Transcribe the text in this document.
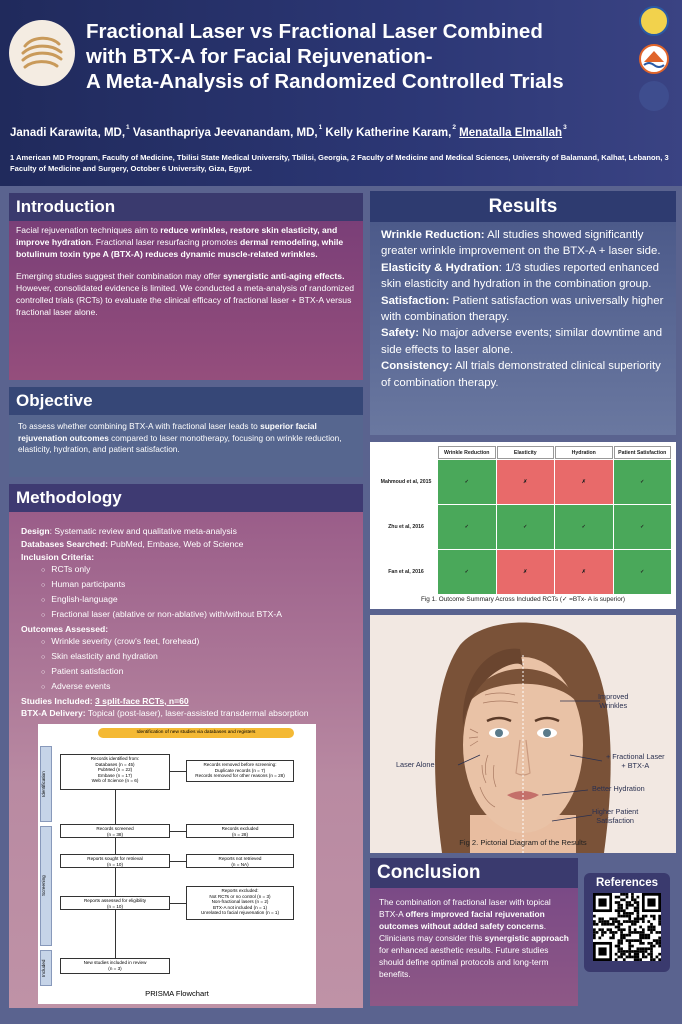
Fractional Laser vs Fractional Laser Combined
with BTX-A for Facial Rejuvenation-
A Meta-Analysis of Randomized Controlled Trials
Janadi Karawita, MD,$^1$ Vasanthapriya Jeevanandam, MD,$^1$ Kelly Katherine Karam,$^2$ Menatalla Elmallah$^3$
1 American MD Program, Faculty of Medicine, Tbilisi State Medical University, Tbilisi, Georgia, 2 Faculty of Medicine and Medical Sciences, University of Balamand, Kalhat, Lebanon, 3 Faculty of Medicine and Surgery, October 6 University, Giza, Egypt.
Introduction

Facial rejuvenation techniques aim to reduce wrinkles, restore skin elasticity, and improve hydration. Fractional laser resurfacing promotes dermal remodeling, while botulinum toxin type A (BTX-A) reduces dynamic muscle-related wrinkles.

Emerging studies suggest their combination may offer synergistic anti-aging effects. However, consolidated evidence is limited. We conducted a meta-analysis of randomized controlled trials (RCTs) to evaluate the clinical efficacy of fractional laser + BTX-A versus fractional laser alone.

Objective
To assess whether combining BTX-A with fractional laser leads to superior facial rejuvenation outcomes compared to laser monotherapy, focusing on wrinkle reduction, elasticity, hydration, and patient satisfaction.
Methodology
Design: Systematic review and qualitative meta-analysis
Databases Searched: PubMed, Embase, Web of Science
Inclusion Criteria:
○ RCTs only
○ Human participants
○ English-language
○ Fractional laser (ablative or non-ablative) with/without BTX-A
Outcomes Assessed:
○ Wrinkle severity (crow's feet, forehead)
○ Skin elasticity and hydration
○ Patient satisfaction
○ Adverse events
Studies Included: 3 split-face RCTs, n=60
BTX-A Delivery: Topical (post-laser), laser-assisted transdermal absorption
Identification of new studies via databases and registers
Identification
Screening
Included
Records identified from:
Databases (n = 45)
PubMed (n = 22)
Embase (n = 17)
Web of Science (n = 6)
Records removed before screening:
Duplicate records (n = 7)
Records removed for other reasons (n = 28)
Records screened
(n = 38)
Records excluded
(n = 28)
Reports sought for retrieval
(n = 10)
Reports not retrieved
(n = NA)
Reports assessed for eligibility
(n = 10)
Reports excluded:
Not RCTs or no control (n = 3)
Non-fractional lasers (n = 2)
BTX-A not included (n = 1)
Unrelated to facial rejuvenation (n = 1)
New studies included in review
(n = 3)
PRISMA Flowchart
Results

Wrinkle Reduction: All studies showed significantly greater wrinkle improvement on the BTX-A + laser side.

Elasticity & Hydration: 1/3 studies reported enhanced skin elasticity and hydration in the combination group.

Satisfaction: Patient satisfaction was universally higher with combination therapy.

Safety: No major adverse events; similar downtime and side effects to laser alone.

Consistency: All trials demonstrated clinical superiority of combination therapy.

Fig 1. Outcome Summary Across Included RCTs (✓ =BTx- A is superior)
Wrinkle Reduction	Elasticity	Hydration	Patient Satisfaction
Mahmoud et al, 2015	✓	✗	✗	✓
Zhu et al, 2016	✓	✓	✓	✓
Fan et al, 2016	✓	✗	✗	✓
Laser Alone
Improved
Wrinkles
+ Fractional Laser
+ BTX-A
Better Hydration
Higher Patient
Satisfaction
Fig 2. Pictorial Diagram of the Results
Conclusion
The combination of fractional laser with topical BTX-A offers improved facial rejuvenation outcomes without added safety concerns. Clinicians may consider this synergistic approach for enhanced aesthetic results. Future studies should define optimal protocols and long-term benefits.
References
